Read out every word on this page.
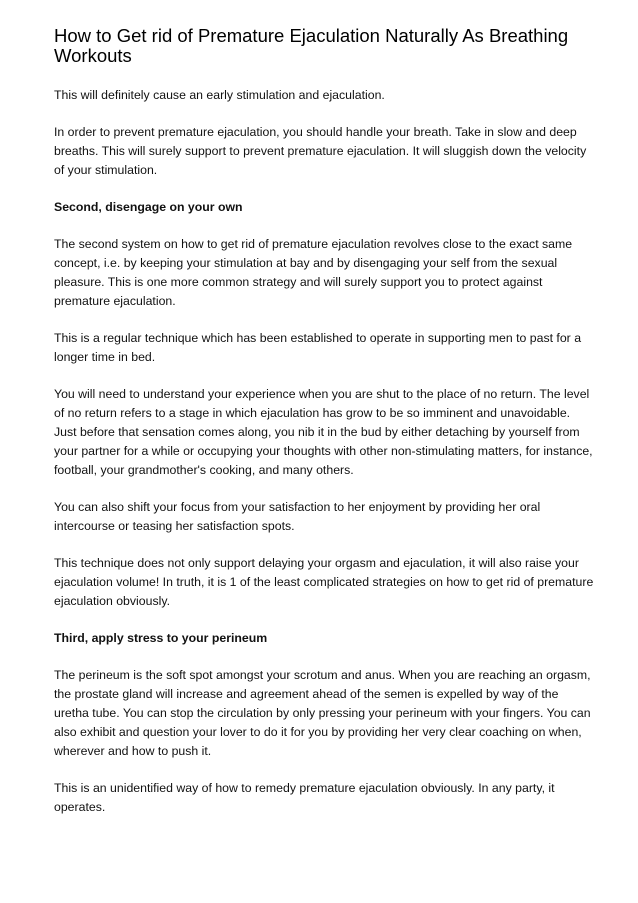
How to Get rid of Premature Ejaculation Naturally As Breathing Workouts

This will definitely cause an early stimulation and ejaculation.

In order to prevent premature ejaculation, you should handle your breath. Take in slow and deep breaths. This will surely support to prevent premature ejaculation. It will sluggish down the velocity of your stimulation.

Second, disengage on your own

The second system on how to get rid of premature ejaculation revolves close to the exact same concept, i.e. by keeping your stimulation at bay and by disengaging your self from the sexual pleasure. This is one more common strategy and will surely support you to protect against premature ejaculation.

This is a regular technique which has been established to operate in supporting men to past for a longer time in bed.

You will need to understand your experience when you are shut to the place of no return. The level of no return refers to a stage in which ejaculation has grow to be so imminent and unavoidable. Just before that sensation comes along, you nib it in the bud by either detaching by yourself from your partner for a while or occupying your thoughts with other non-stimulating matters, for instance, football, your grandmother's cooking, and many others.

You can also shift your focus from your satisfaction to her enjoyment by providing her oral intercourse or teasing her satisfaction spots.

This technique does not only support delaying your orgasm and ejaculation, it will also raise your ejaculation volume! In truth, it is 1 of the least complicated strategies on how to get rid of premature ejaculation obviously.

Third, apply stress to your perineum

The perineum is the soft spot amongst your scrotum and anus. When you are reaching an orgasm, the prostate gland will increase and agreement ahead of the semen is expelled by way of the uretha tube. You can stop the circulation by only pressing your perineum with your fingers. You can also exhibit and question your lover to do it for you by providing her very clear coaching on when, wherever and how to push it.

This is an unidentified way of how to remedy premature ejaculation obviously. In any party, it operates.
